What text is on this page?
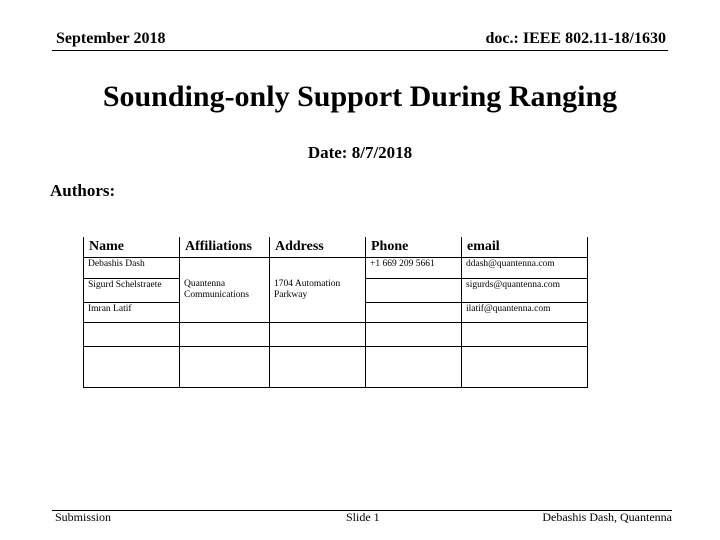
September 2018	doc.: IEEE 802.11-18/1630
Sounding-only Support During Ranging
Date: 8/7/2018
Authors:
Name	Affiliations	Address	Phone	email
Debashis Dash			+1 669 209 5661	ddash@quantenna.com
Sigurd Schelstraete	Quantenna Communications	1704 Automation Parkway		sigurds@quantenna.com
Imran Latif				ilatif@quantenna.com

Submission	Slide 1	Debashis Dash, Quantenna
